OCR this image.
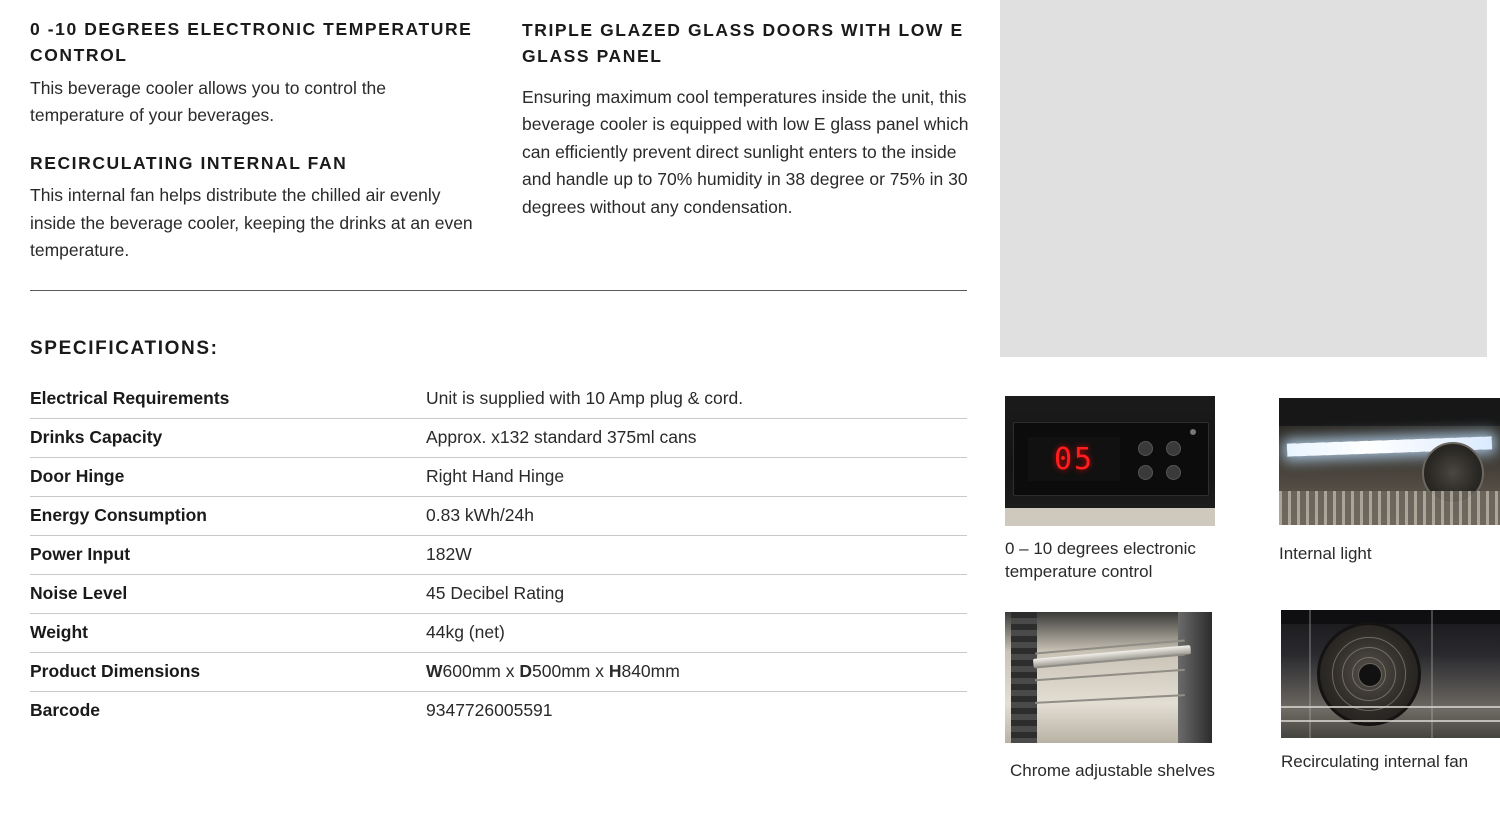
0 -10 DEGREES ELECTRONIC TEMPERATURE CONTROL

This beverage cooler allows you to control the temperature of your beverages.

RECIRCULATING INTERNAL FAN

This internal fan helps distribute the chilled air evenly inside the beverage cooler, keeping the drinks at an even temperature.

TRIPLE GLAZED GLASS DOORS WITH LOW E GLASS PANEL

Ensuring maximum cool temperatures inside the unit, this beverage cooler is equipped with low E glass panel which can efficiently prevent direct sunlight enters to the inside and handle up to 70% humidity in 38 degree or 75% in 30 degrees without any condensation.

SPECIFICATIONS:
Electrical Requirements	Unit is supplied with 10 Amp plug & cord.
Drinks Capacity	Approx. x132 standard 375ml cans
Door Hinge	Right Hand Hinge
Energy Consumption	0.83 kWh/24h
Power Input	182W
Noise Level	45 Decibel Rating
Weight	44kg (net)
Product Dimensions	W600mm x D500mm x H840mm
Barcode	9347726005591
05
0 – 10 degrees electronic temperature control
Internal light
Chrome adjustable shelves	Recirculating internal fan
